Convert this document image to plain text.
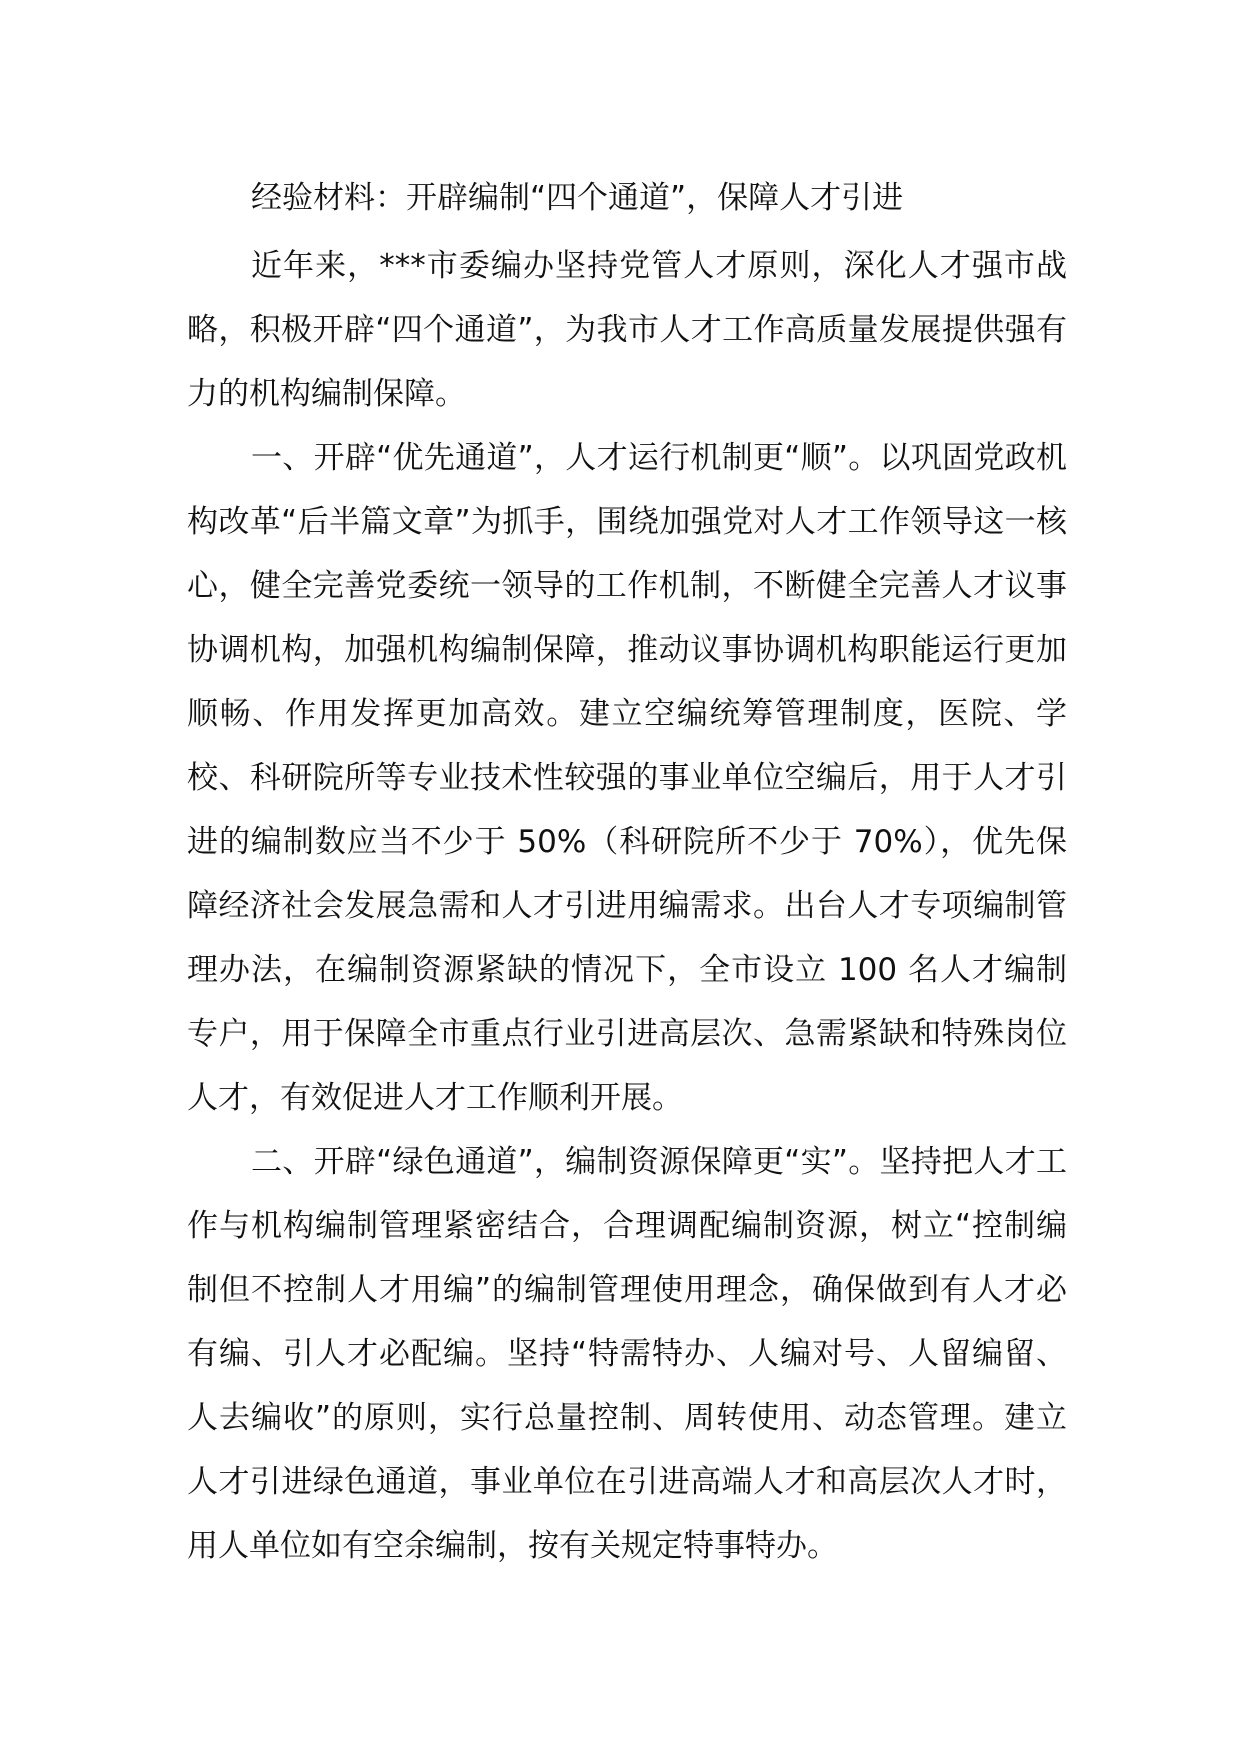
经验材料：开辟编制“四个通道”，保障人才引进

近年来，***市委编办坚持党管人才原则，深化人才强市战略，积极开辟“四个通道”，为我市人才工作高质量发展提供强有力的机构编制保障。

一、开辟“优先通道”，人才运行机制更“顺”。以巩固党政机构改革“后半篇文章”为抓手，围绕加强党对人才工作领导这一核心，健全完善党委统一领导的工作机制，不断健全完善人才议事协调机构，加强机构编制保障，推动议事协调机构职能运行更加顺畅、作用发挥更加高效。建立空编统筹管理制度，医院、学校、科研院所等专业技术性较强的事业单位空编后，用于人才引进的编制数应当不少于 50%（科研院所不少于 70%），优先保障经济社会发展急需和人才引进用编需求。出台人才专项编制管理办法，在编制资源紧缺的情况下，全市设立 100 名人才编制专户，用于保障全市重点行业引进高层次、急需紧缺和特殊岗位人才，有效促进人才工作顺利开展。

二、开辟“绿色通道”，编制资源保障更“实”。坚持把人才工作与机构编制管理紧密结合，合理调配编制资源，树立“控制编制但不控制人才用编”的编制管理使用理念，确保做到有人才必有编、引人才必配编。坚持“特需特办、人编对号、人留编留、人去编收”的原则，实行总量控制、周转使用、动态管理。建立人才引进绿色通道，事业单位在引进高端人才和高层次人才时，用人单位如有空余编制，按有关规定特事特办。
